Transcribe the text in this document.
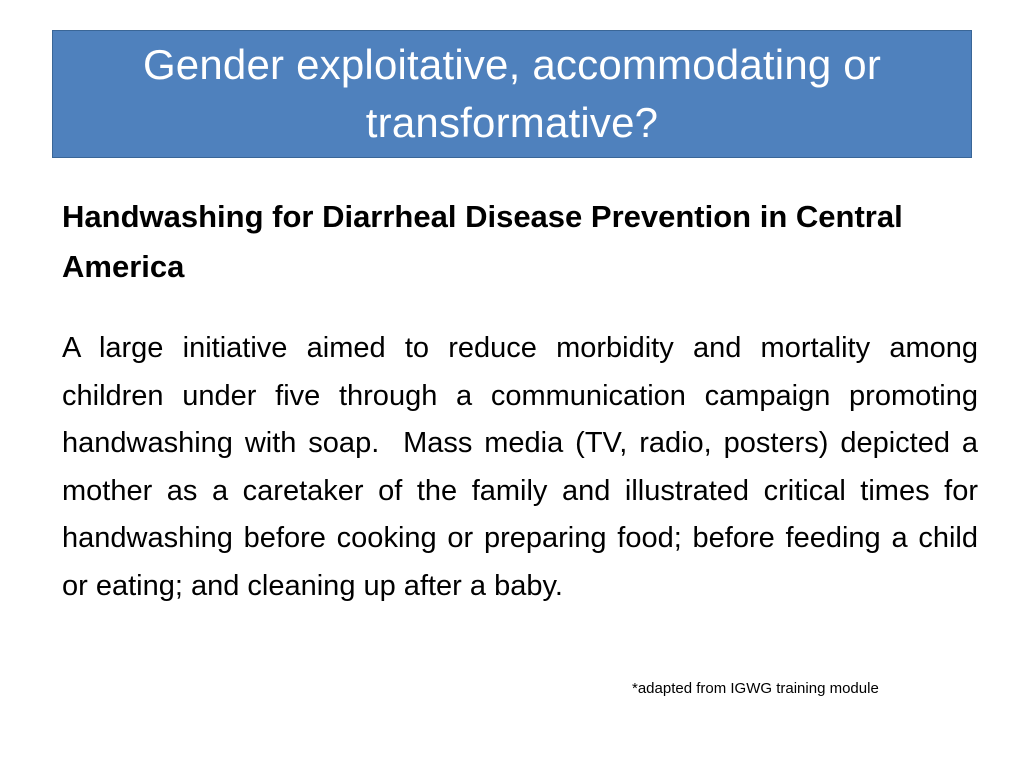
Gender exploitative, accommodating or transformative?
Handwashing for Diarrheal Disease Prevention in Central America

A large initiative aimed to reduce morbidity and mortality among children under five through a communication campaign promoting handwashing with soap.  Mass media (TV, radio, posters) depicted a mother as a caretaker of the family and illustrated critical times for handwashing before cooking or preparing food; before feeding a child or eating; and cleaning up after a baby.

*adapted from IGWG training module
